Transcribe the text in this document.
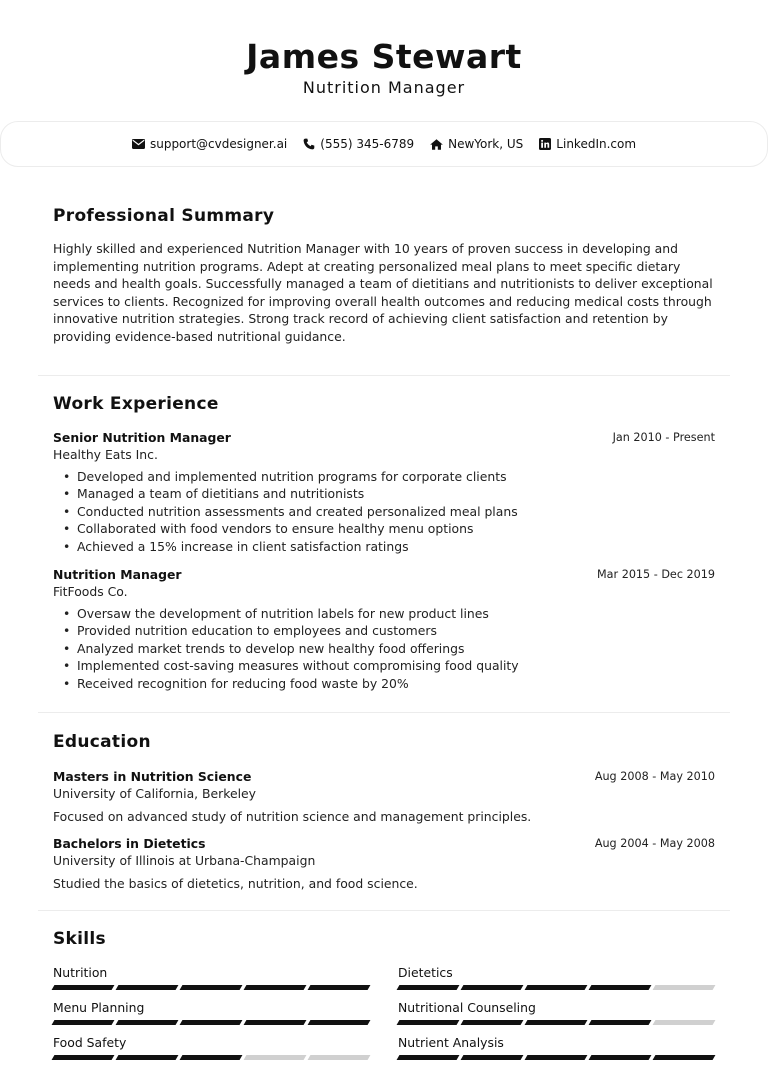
James Stewart
Nutrition Manager
support@cvdesigner.ai	(555) 345-6789	NewYork, US	LinkedIn.com
Professional Summary

Highly skilled and experienced Nutrition Manager with 10 years of proven success in developing and implementing nutrition programs. Adept at creating personalized meal plans to meet specific dietary needs and health goals. Successfully managed a team of dietitians and nutritionists to deliver exceptional services to clients. Recognized for improving overall health outcomes and reducing medical costs through innovative nutrition strategies. Strong track record of achieving client satisfaction and retention by providing evidence-based nutritional guidance.

Work Experience
Senior Nutrition Manager	Jan 2010 - Present
Healthy Eats Inc.
• Developed and implemented nutrition programs for corporate clients
• Managed a team of dietitians and nutritionists
• Conducted nutrition assessments and created personalized meal plans
• Collaborated with food vendors to ensure healthy menu options
• Achieved a 15% increase in client satisfaction ratings
Nutrition Manager	Mar 2015 - Dec 2019
FitFoods Co.
• Oversaw the development of nutrition labels for new product lines
• Provided nutrition education to employees and customers
• Analyzed market trends to develop new healthy food offerings
• Implemented cost-saving measures without compromising food quality
• Received recognition for reducing food waste by 20%
Education
Masters in Nutrition Science	Aug 2008 - May 2010
University of California, Berkeley
Focused on advanced study of nutrition science and management principles.
Bachelors in Dietetics	Aug 2004 - May 2008
University of Illinois at Urbana-Champaign
Studied the basics of dietetics, nutrition, and food science.
Skills
Nutrition	Dietetics
Menu Planning	Nutritional Counseling
Food Safety	Nutrient Analysis
